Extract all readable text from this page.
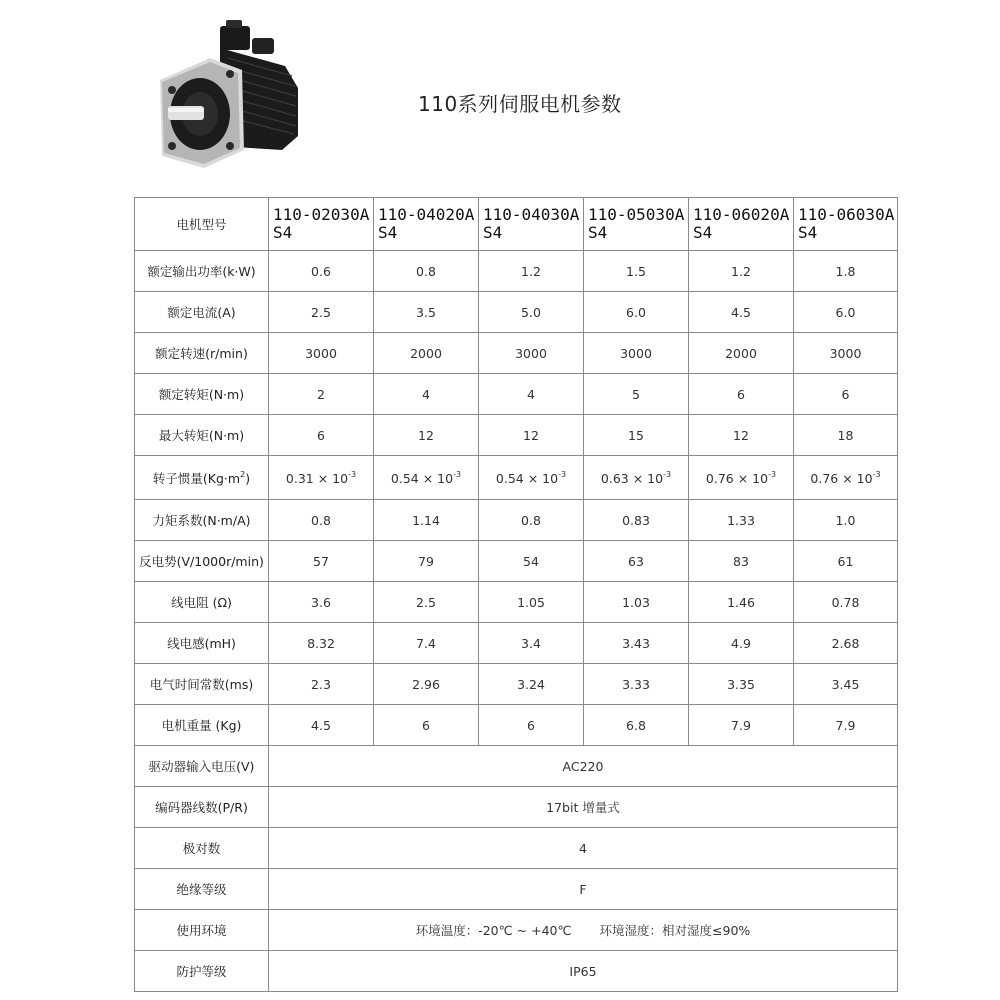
110系列伺服电机参数
电机型号	110-02030AS4	110-04020AS4	110-04030AS4	110-05030AS4	110-06020AS4	110-06030AS4
额定输出功率(k·W)	0.6	0.8	1.2	1.5	1.2	1.8
额定电流(A)	2.5	3.5	5.0	6.0	4.5	6.0
额定转速(r/min)	3000	2000	3000	3000	2000	3000
额定转矩(N·m)	2	4	4	5	6	6
最大转矩(N·m)	6	12	12	15	12	18
转子惯量$(Kg\cdot m^2)$	$0.31 \times 10^{-3}$	$0.54 \times 10^{-3}$	$0.54 \times 10^{-3}$	$0.63 \times 10^{-3}$	$0.76 \times 10^{-3}$	$0.76 \times 10^{-3}$
力矩系数(N·m/A)	0.8	1.14	0.8	0.83	1.33	1.0
反电势(V/1000r/min)	57	79	54	63	83	61
线电阻 (Ω)	3.6	2.5	1.05	1.03	1.46	0.78
线电感(mH)	8.32	7.4	3.4	3.43	4.9	2.68
电气时间常数(ms)	2.3	2.96	3.24	3.33	3.35	3.45
电机重量 (Kg)	4.5	6	6	6.8	7.9	7.9
驱动器输入电压(V)	AC220					
编码器线数(P/R)	17bit 增量式					
极对数	4					
绝缘等级	F					
使用环境	环境温度：-20℃ ~ +40℃ 环境湿度：相对湿度≤90%					
防护等级	IP65					
